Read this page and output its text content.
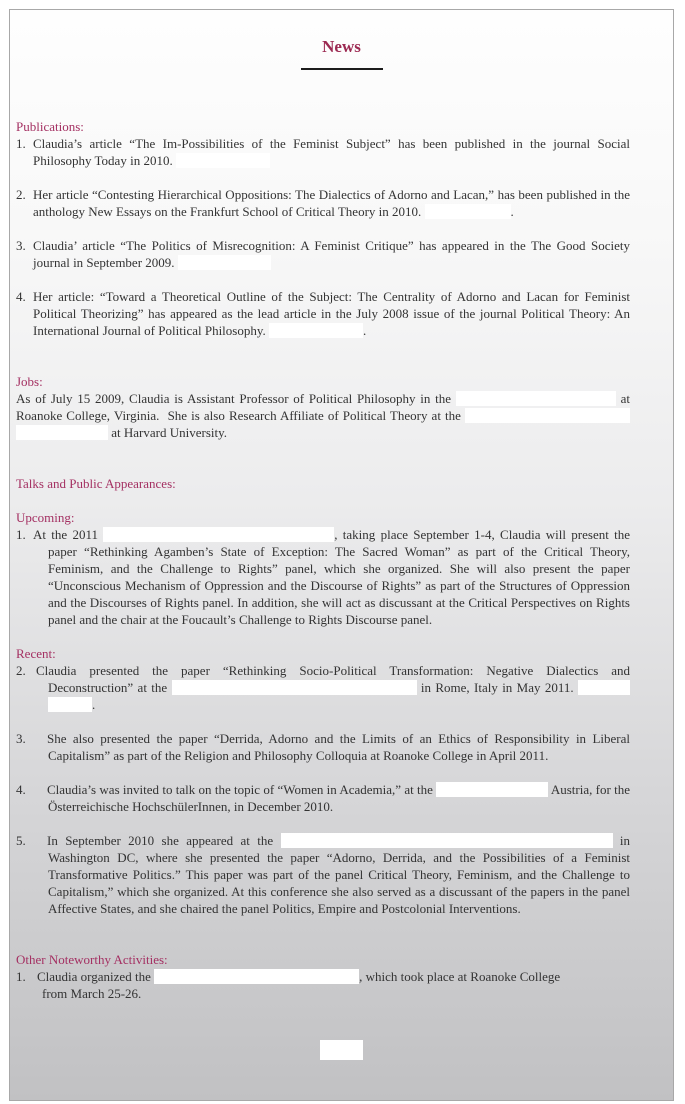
News
Publications:
1. Claudia’s article “The Im-Possibilities of the Feminist Subject” has been published in the journal Social Philosophy Today in 2010.
2. Her article “Contesting Hierarchical Oppositions: The Dialectics of Adorno and Lacan,” has been published in the anthology New Essays on the Frankfurt School of Critical Theory in 2010.	.
3. Claudia’ article “The Politics of Misrecognition: A Feminist Critique” has appeared in the The Good Society journal in September 2009.
4. Her article: “Toward a Theoretical Outline of the Subject: The Centrality of Adorno and Lacan for Feminist Political Theorizing” has appeared as the lead article in the July 2008 issue of the journal Political Theory: An International Journal of Political Philosophy.	.
Jobs:
As of July 15 2009, Claudia is Assistant Professor of Political Philosophy in the	at Roanoke College, Virginia.  She is also Research Affiliate of Political Theory at the   at Harvard University.
Talks and Public Appearances:
Upcoming:
1. At the 2011	, taking place September 1-4, Claudia will present the paper “Rethinking Agamben’s State of Exception: The Sacred Woman” as part of the Critical Theory, Feminism, and the Challenge to Rights” panel, which she organized. She will also present the paper “Unconscious Mechanism of Oppression and the Discourse of Rights” as part of the Structures of Oppression and the Discourses of Rights panel. In addition, she will act as discussant at the Critical Perspectives on Rights panel and the chair at the Foucault’s Challenge to Rights Discourse panel.
Recent:
2. Claudia presented the paper “Rethinking Socio-Political Transformation: Negative Dialectics and Deconstruction” at the	in Rome, Italy in May 2011.  .
3. She also presented the paper “Derrida, Adorno and the Limits of an Ethics of Responsibility in Liberal Capitalism” as part of the Religion and Philosophy Colloquia at Roanoke College in April 2011.
4. Claudia’s was invited to talk on the topic of “Women in Academia,” at the	Austria, for the Österreichische HochschülerInnen, in December 2010.
5. In September 2010 she appeared at the	in Washington DC, where she presented the paper “Adorno, Derrida, and the Possibilities of a Feminist Transformative Politics.” This paper was part of the panel Critical Theory, Feminism, and the Challenge to Capitalism,” which she organized. At this conference she also served as a discussant of the papers in the panel Affective States, and she chaired the panel Politics, Empire and Postcolonial Interventions.
Other Noteworthy Activities:
1. Claudia organized the	, which took place at Roanoke College
from March 25-26.
